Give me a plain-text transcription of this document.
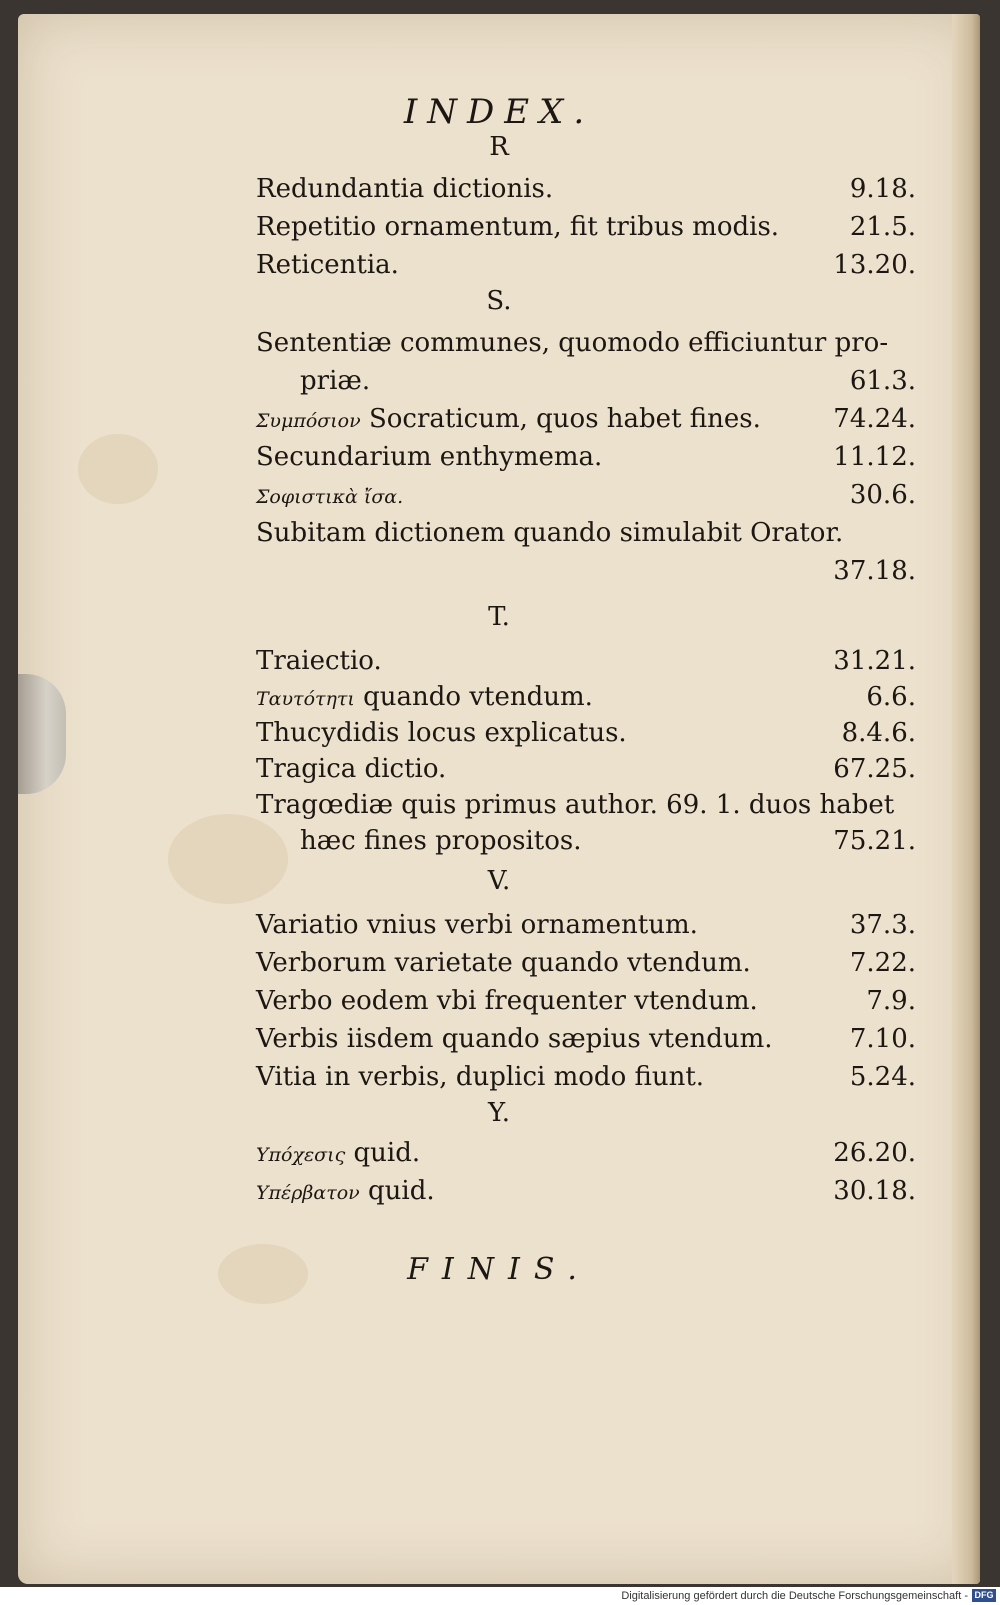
INDEX.
R
Redundantia dictionis.	9.18.
Repetitio ornamentum, fit tribus modis.	21.5.
Reticentia.	13.20.
S.
Sententiæ communes, quomodo efficiuntur pro-
priæ.	61.3.
Συμπόσιον Socraticum, quos habet fines.	74.24.
Secundarium enthymema.	11.12.
Σοφιστικὰ ἴσα.	30.6.
Subitam dictionem quando simulabit Orator.
37.18.
T.
Traiectio.	31.21.
Ταυτότητι quando vtendum.	6.6.
Thucydidis locus explicatus.	8.4.6.
Tragica dictio.	67.25.
Tragœdiæ quis primus author. 69. 1. duos habet
hæc fines propositos.	75.21.
V.
Variatio vnius verbi ornamentum.	37.3.
Verborum varietate quando vtendum.	7.22.
Verbo eodem vbi frequenter vtendum.	7.9.
Verbis iisdem quando sæpius vtendum.	7.10.
Vitia in verbis, duplici modo fiunt.	5.24.
Y.
Υπόχεσις quid.	26.20.
Υπέρβατον quid.	30.18.
FINIS.
Digitalisierung gefördert durch die Deutsche Forschungsgemeinschaft - DFG
